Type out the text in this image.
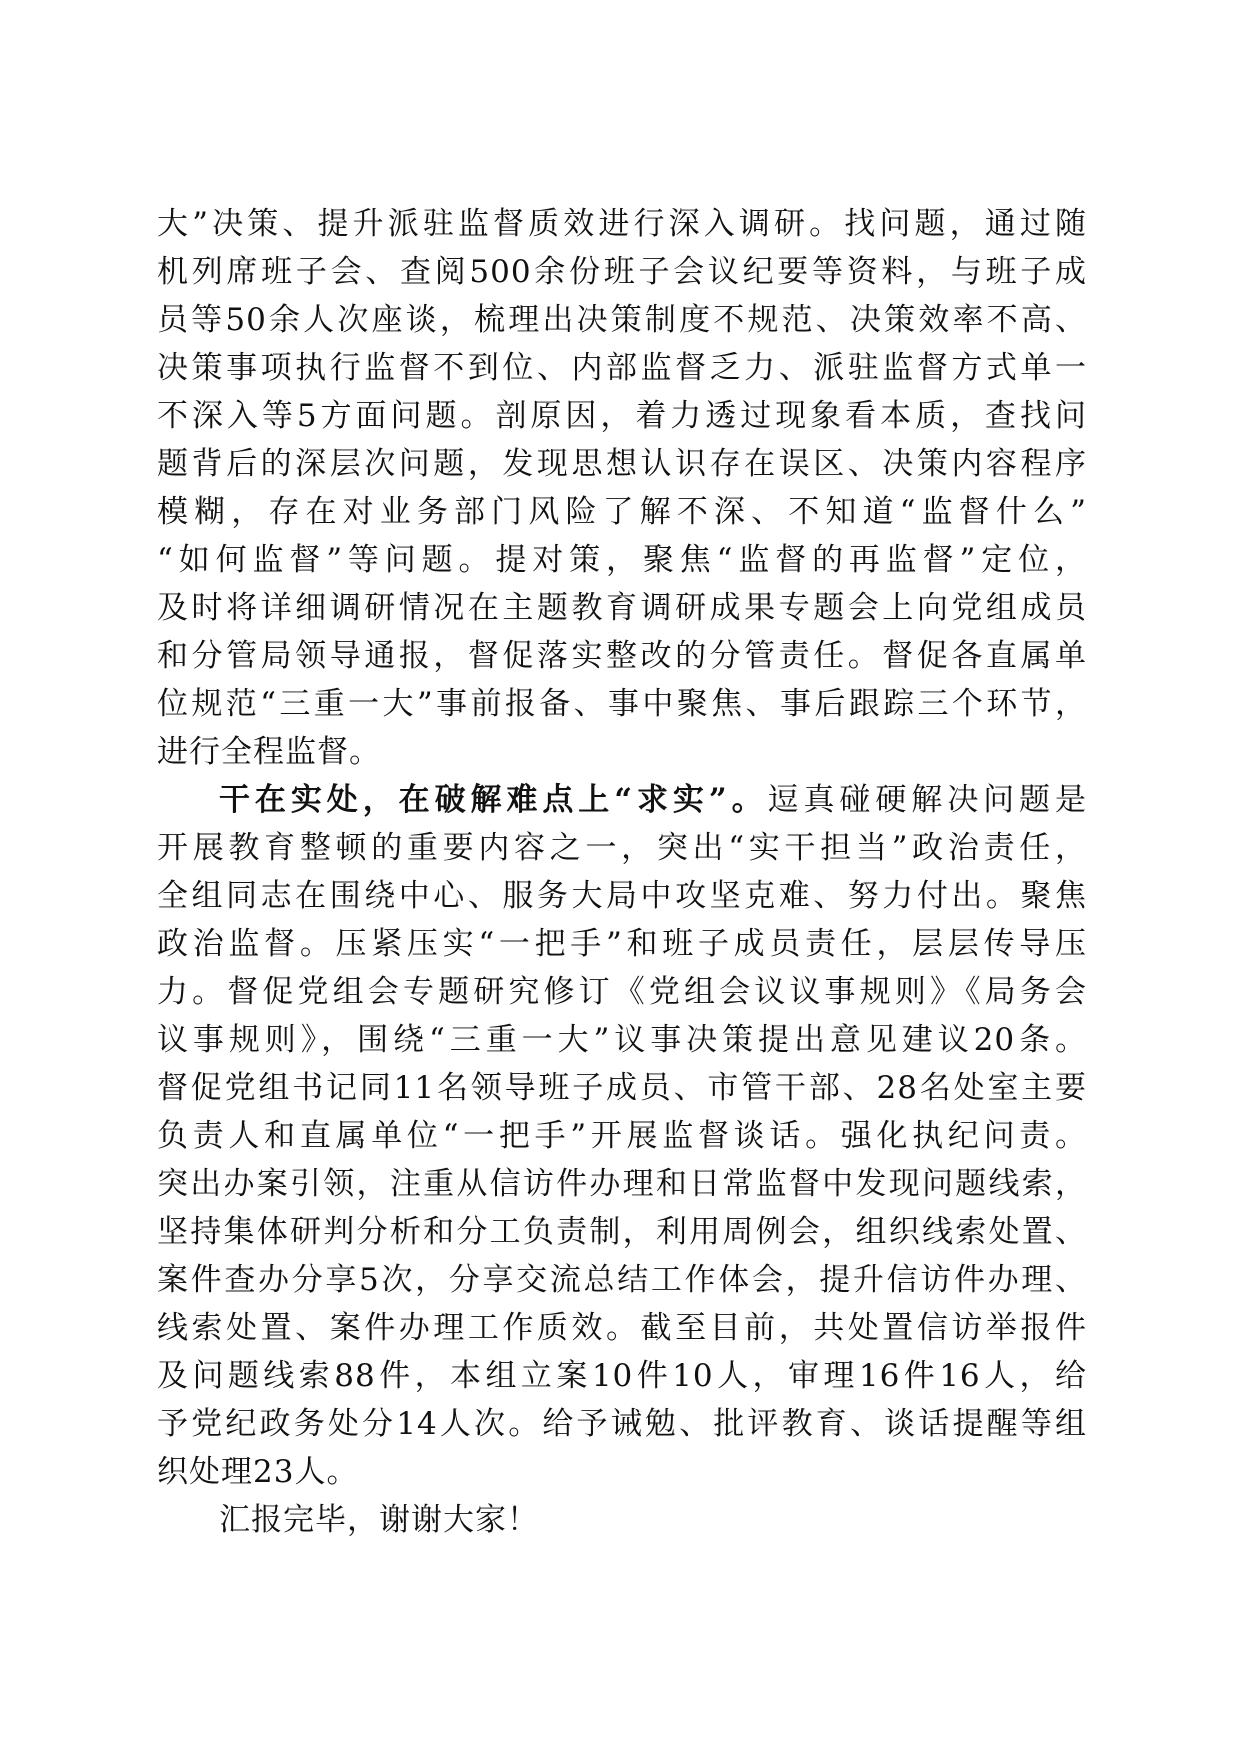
大”决策、提升派驻监督质效进行深入调研。找问题，通过随
机列席班子会、查阅500余份班子会议纪要等资料，与班子成
员等50余人次座谈，梳理出决策制度不规范、决策效率不高、
决策事项执行监督不到位、内部监督乏力、派驻监督方式单一
不深入等5方面问题。剖原因，着力透过现象看本质，查找问
题背后的深层次问题，发现思想认识存在误区、决策内容程序
模糊，存在对业务部门风险了解不深、不知道“监督什么”
“如何监督”等问题。提对策，聚焦“监督的再监督”定位，
及时将详细调研情况在主题教育调研成果专题会上向党组成员
和分管局领导通报，督促落实整改的分管责任。督促各直属单
位规范“三重一大”事前报备、事中聚焦、事后跟踪三个环节，
进行全程监督。
干在实处，在破解难点上“求实”。逗真碰硬解决问题是
开展教育整顿的重要内容之一，突出“实干担当”政治责任，
全组同志在围绕中心、服务大局中攻坚克难、努力付出。聚焦
政治监督。压紧压实“一把手”和班子成员责任，层层传导压
力。督促党组会专题研究修订《党组会议议事规则》《局务会
议事规则》，围绕“三重一大”议事决策提出意见建议20条。
督促党组书记同11名领导班子成员、市管干部、28名处室主要
负责人和直属单位“一把手”开展监督谈话。强化执纪问责。
突出办案引领，注重从信访件办理和日常监督中发现问题线索，
坚持集体研判分析和分工负责制，利用周例会，组织线索处置、
案件查办分享5次，分享交流总结工作体会，提升信访件办理、
线索处置、案件办理工作质效。截至目前，共处置信访举报件
及问题线索88件，本组立案10件10人，审理16件16人，给
予党纪政务处分14人次。给予诫勉、批评教育、谈话提醒等组
织处理23人。
汇报完毕，谢谢大家！
